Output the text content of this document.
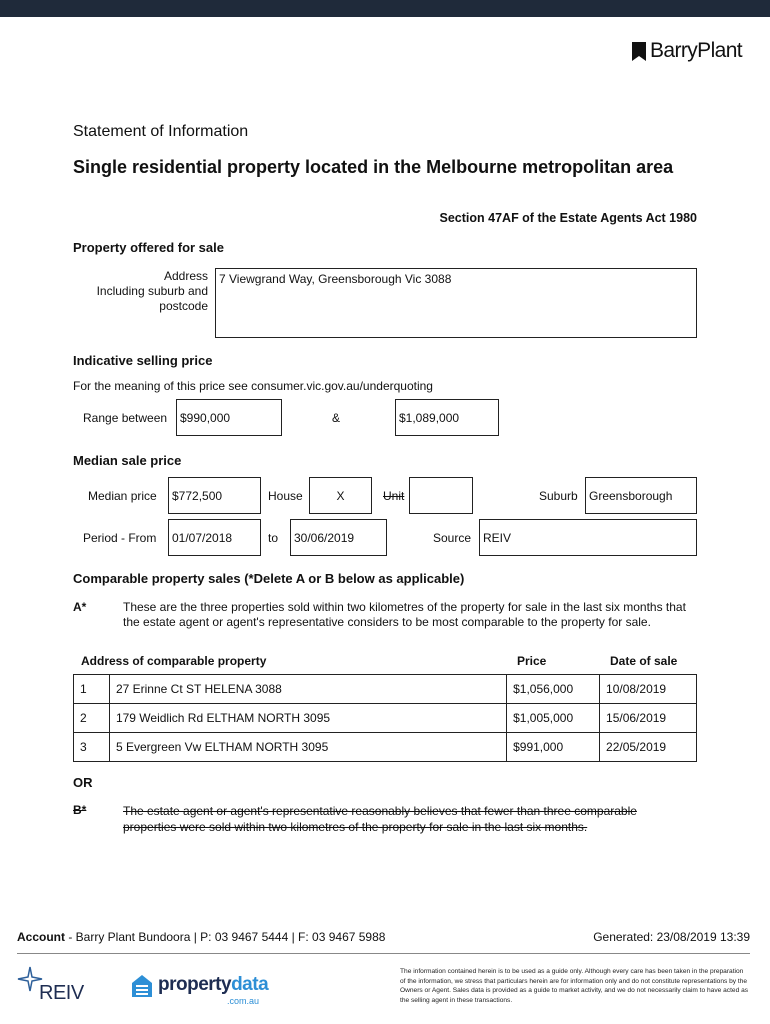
BarryPlant
Statement of Information
Single residential property located in the Melbourne metropolitan area
Section 47AF of the Estate Agents Act 1980
Property offered for sale
Address
Including suburb and
postcode
7 Viewgrand Way, Greensborough Vic 3088
Indicative selling price
For the meaning of this price see consumer.vic.gov.au/underquoting
Range between	$990,000	&	$1,089,000
Median sale price
Median price	$772,500	House	X	Unit	Suburb Greensborough
Period - From	01/07/2018	to	30/06/2019	Source REIV
Comparable property sales (*Delete A or B below as applicable)
A*	These are the three properties sold within two kilometres of the property for sale in the last six months that the estate agent or agent's representative considers to be most comparable to the property for sale.
Address of comparable property	Price	Date of sale
1	27 Erinne Ct ST HELENA 3088	$1,056,000	10/08/2019
2	179 Weidlich Rd ELTHAM NORTH 3095	$1,005,000	15/06/2019
3	5 Evergreen Vw ELTHAM NORTH 3095	$991,000	22/05/2019
OR
B*	The estate agent or agent's representative reasonably believes that fewer than three comparable properties were sold within two kilometres of the property for sale in the last six months.
Account - Barry Plant Bundoora | P: 03 9467 5444 | F: 03 9467 5988	Generated: 23/08/2019 13:39
REIV	propertydata
.com.au
The information contained herein is to be used as a guide only. Although every care has been taken in the preparation of the information, we stress that particulars herein are for information only and do not constitute representations by the Owners or Agent. Sales data is provided as a guide to market activity, and we do not necessarily claim to have acted as the selling agent in these transactions.
